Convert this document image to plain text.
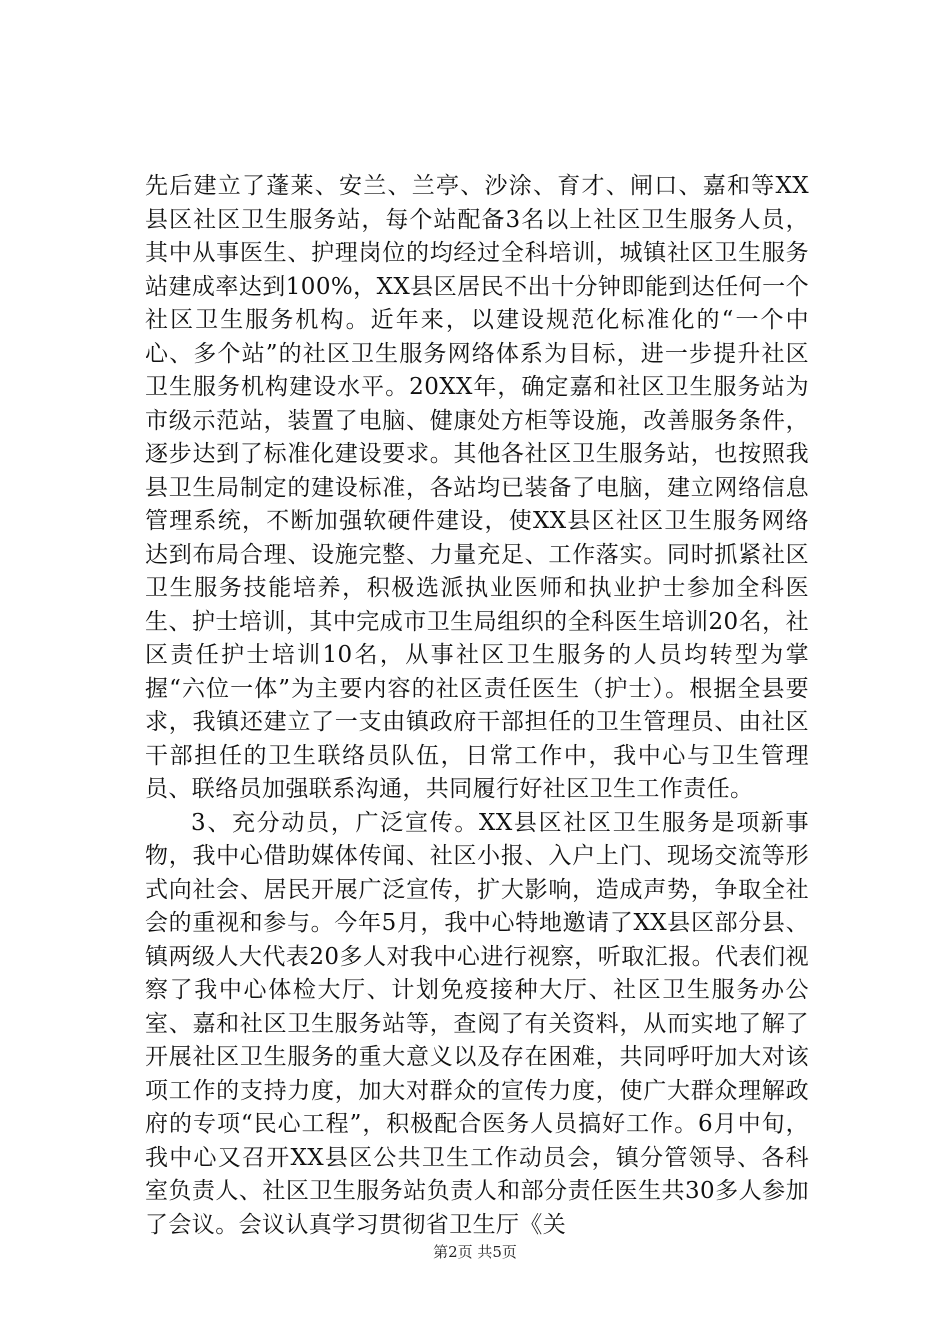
先后建立了蓬莱、安兰、兰亭、沙涂、育才、闸口、嘉和等XX县区社区卫生服务站，每个站配备3名以上社区卫生服务人员，其中从事医生、护理岗位的均经过全科培训，城镇社区卫生服务站建成率达到100%，XX县区居民不出十分钟即能到达任何一个社区卫生服务机构。近年来，以建设规范化标准化的“一个中心、多个站”的社区卫生服务网络体系为目标，进一步提升社区卫生服务机构建设水平。20XX年，确定嘉和社区卫生服务站为市级示范站，装置了电脑、健康处方柜等设施，改善服务条件，逐步达到了标准化建设要求。其他各社区卫生服务站，也按照我县卫生局制定的建设标准，各站均已装备了电脑，建立网络信息管理系统，不断加强软硬件建设，使XX县区社区卫生服务网络达到布局合理、设施完整、力量充足、工作落实。同时抓紧社区卫生服务技能培养，积极选派执业医师和执业护士参加全科医生、护士培训，其中完成市卫生局组织的全科医生培训20名，社区责任护士培训10名，从事社区卫生服务的人员均转型为掌握“六位一体”为主要内容的社区责任医生（护士）。根据全县要求，我镇还建立了一支由镇政府干部担任的卫生管理员、由社区干部担任的卫生联络员队伍，日常工作中，我中心与卫生管理员、联络员加强联系沟通，共同履行好社区卫生工作责任。

3、充分动员，广泛宣传。XX县区社区卫生服务是项新事物，我中心借助媒体传闻、社区小报、入户上门、现场交流等形式向社会、居民开展广泛宣传，扩大影响，造成声势，争取全社会的重视和参与。今年5月，我中心特地邀请了XX县区部分县、镇两级人大代表20多人对我中心进行视察，听取汇报。代表们视察了我中心体检大厅、计划免疫接种大厅、社区卫生服务办公室、嘉和社区卫生服务站等，查阅了有关资料，从而实地了解了开展社区卫生服务的重大意义以及存在困难，共同呼吁加大对该项工作的支持力度，加大对群众的宣传力度，使广大群众理解政府的专项“民心工程”，积极配合医务人员搞好工作。6月中旬，我中心又召开XX县区公共卫生工作动员会，镇分管领导、各科室负责人、社区卫生服务站负责人和部分责任医生共30多人参加了会议。会议认真学习贯彻省卫生厅《关

第2页 共5页
